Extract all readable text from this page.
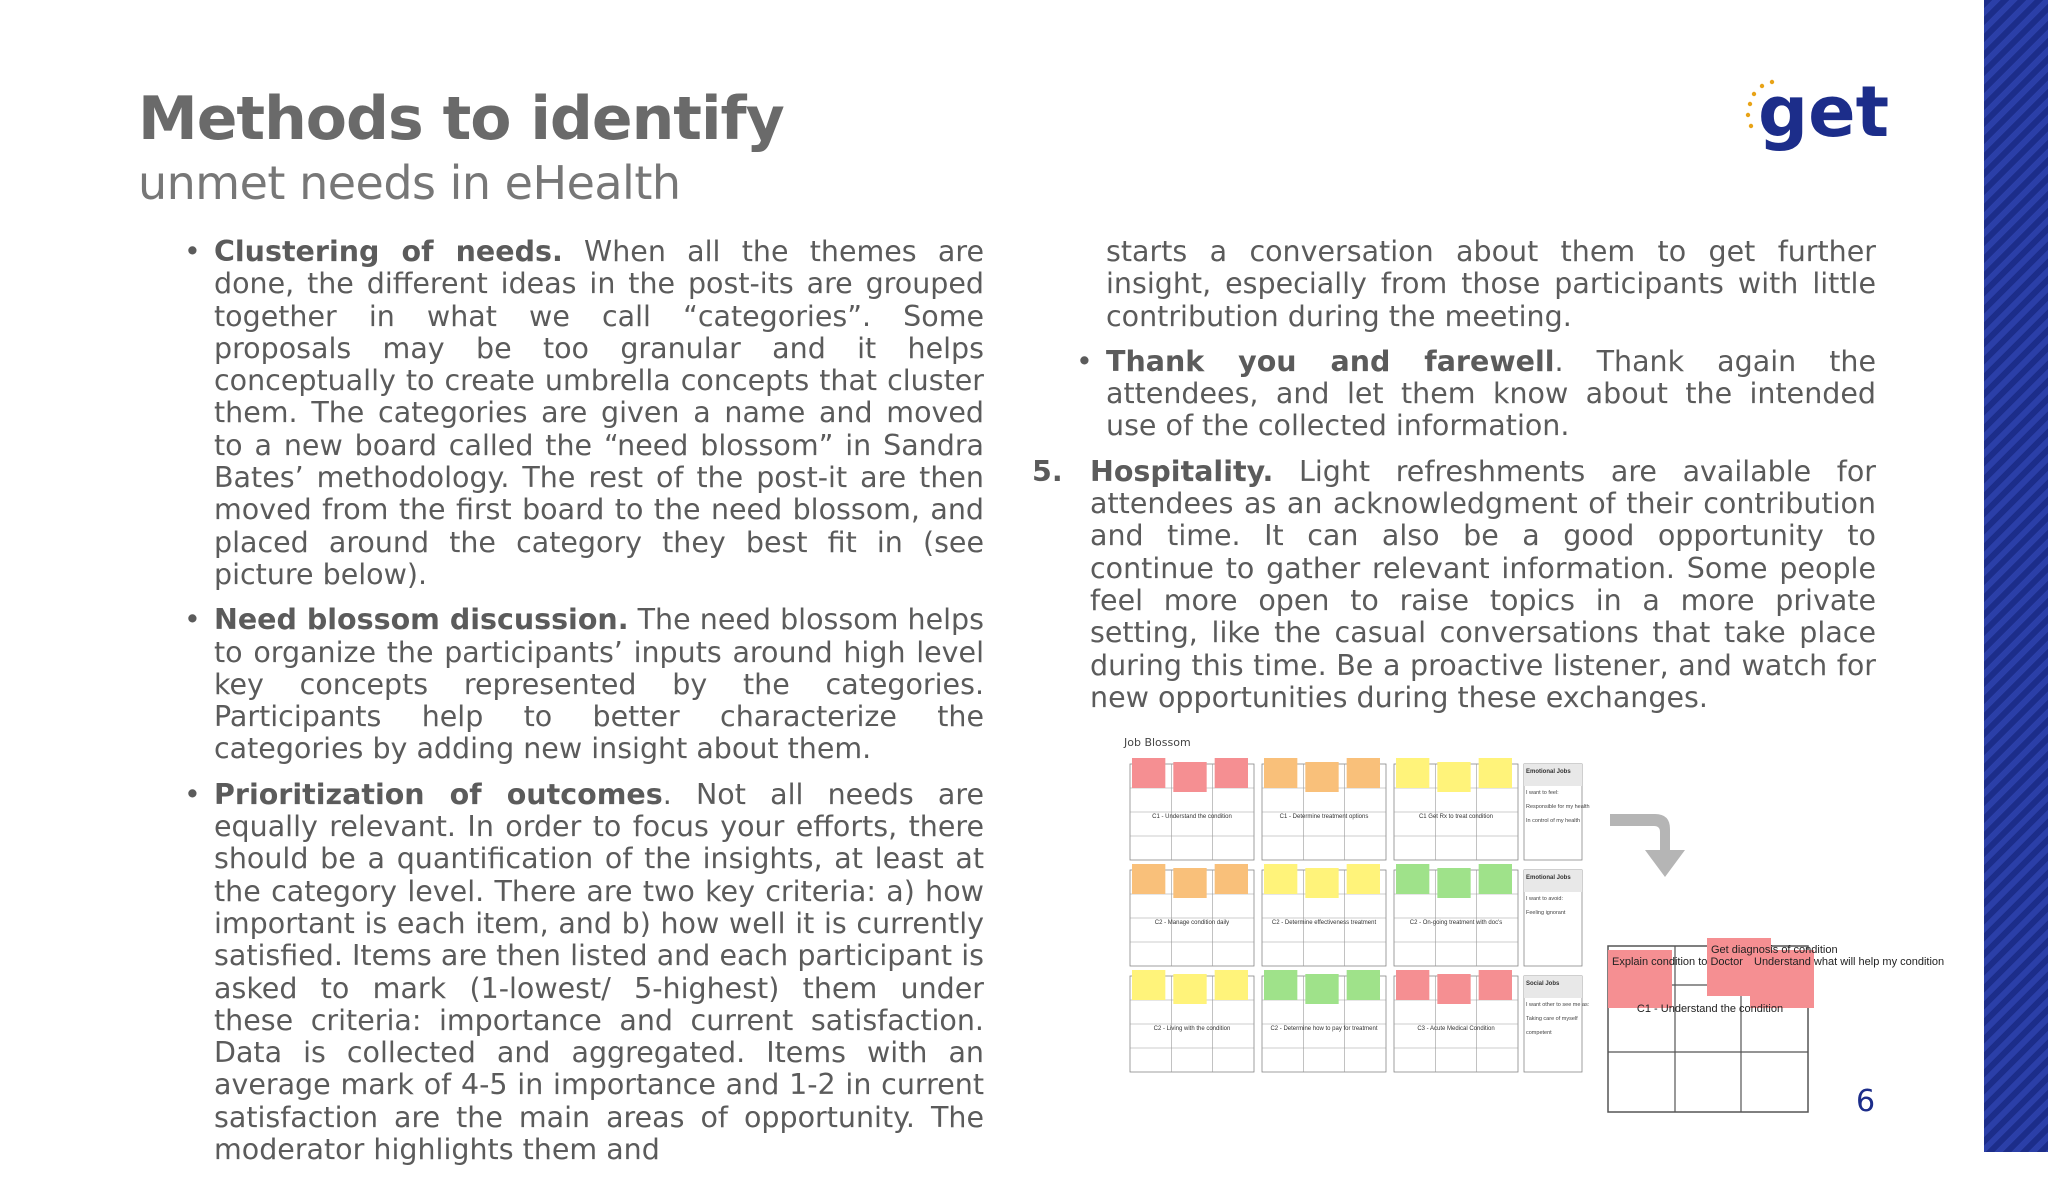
Methods to identify
unmet needs in eHealth
get
• Clustering of needs. When all the themes are done, the different ideas in the post-its are grouped together in what we call “categories”. Some proposals may be too granular and it helps conceptually to create umbrella concepts that cluster them. The categories are given a name and moved to a new board called the “need blossom” in Sandra Bates’ methodology. The rest of the post-it are then moved from the first board to the need blossom, and placed around the category they best fit in (see picture below).
• Need blossom discussion. The need blossom helps to organize the participants’ inputs around high level key concepts represented by the categories. Participants help to better characterize the categories by adding new insight about them.
• Prioritization of outcomes. Not all needs are equally relevant. In order to focus your efforts, there should be a quantification of the insights, at least at the category level. There are two key criteria: a) how important is each item, and b) how well it is currently satisfied. Items are then listed and each participant is asked to mark (1-lowest/ 5-highest) them under these criteria: importance and current satisfaction. Data is collected and aggregated. Items with an average mark of 4-5 in importance and 1-2 in current satisfaction are the main areas of opportunity. The moderator highlights them and
starts a conversation about them to get further insight, especially from those participants with little contribution during the meeting.
• Thank you and farewell. Thank again the attendees, and let them know about the intended use of the collected information.
5. Hospitality. Light refreshments are available for attendees as an acknowledgment of their contribution and time. It can also be a good opportunity to continue to gather relevant information. Some people feel more open to raise topics in a more private setting, like the casual conversations that take place during this time. Be a proactive listener, and watch for new opportunities during these exchanges.
Job Blossom
C1 - Understand the condition	C1 - Determine treatment options	C1 Get Rx to treat condition
C2 - Manage condition daily	C2 - Determine effectiveness treatment	C2 - On-going treatment with doc's
C2 - Living with the condition	C2 - Determine how to pay for treatment	C3 - Acute Medical Condition
Emotional Jobs
I want to feel:
Responsible for my health
In control of my health
Emotional Jobs
I want to avoid:
Feeling ignorant
Social Jobs
I want other to see me as:
Taking care of myself
competent
Explain condition to Doctor
Get diagnosis of condition
Understand what will help my condition
C1 - Understand the condition
6
